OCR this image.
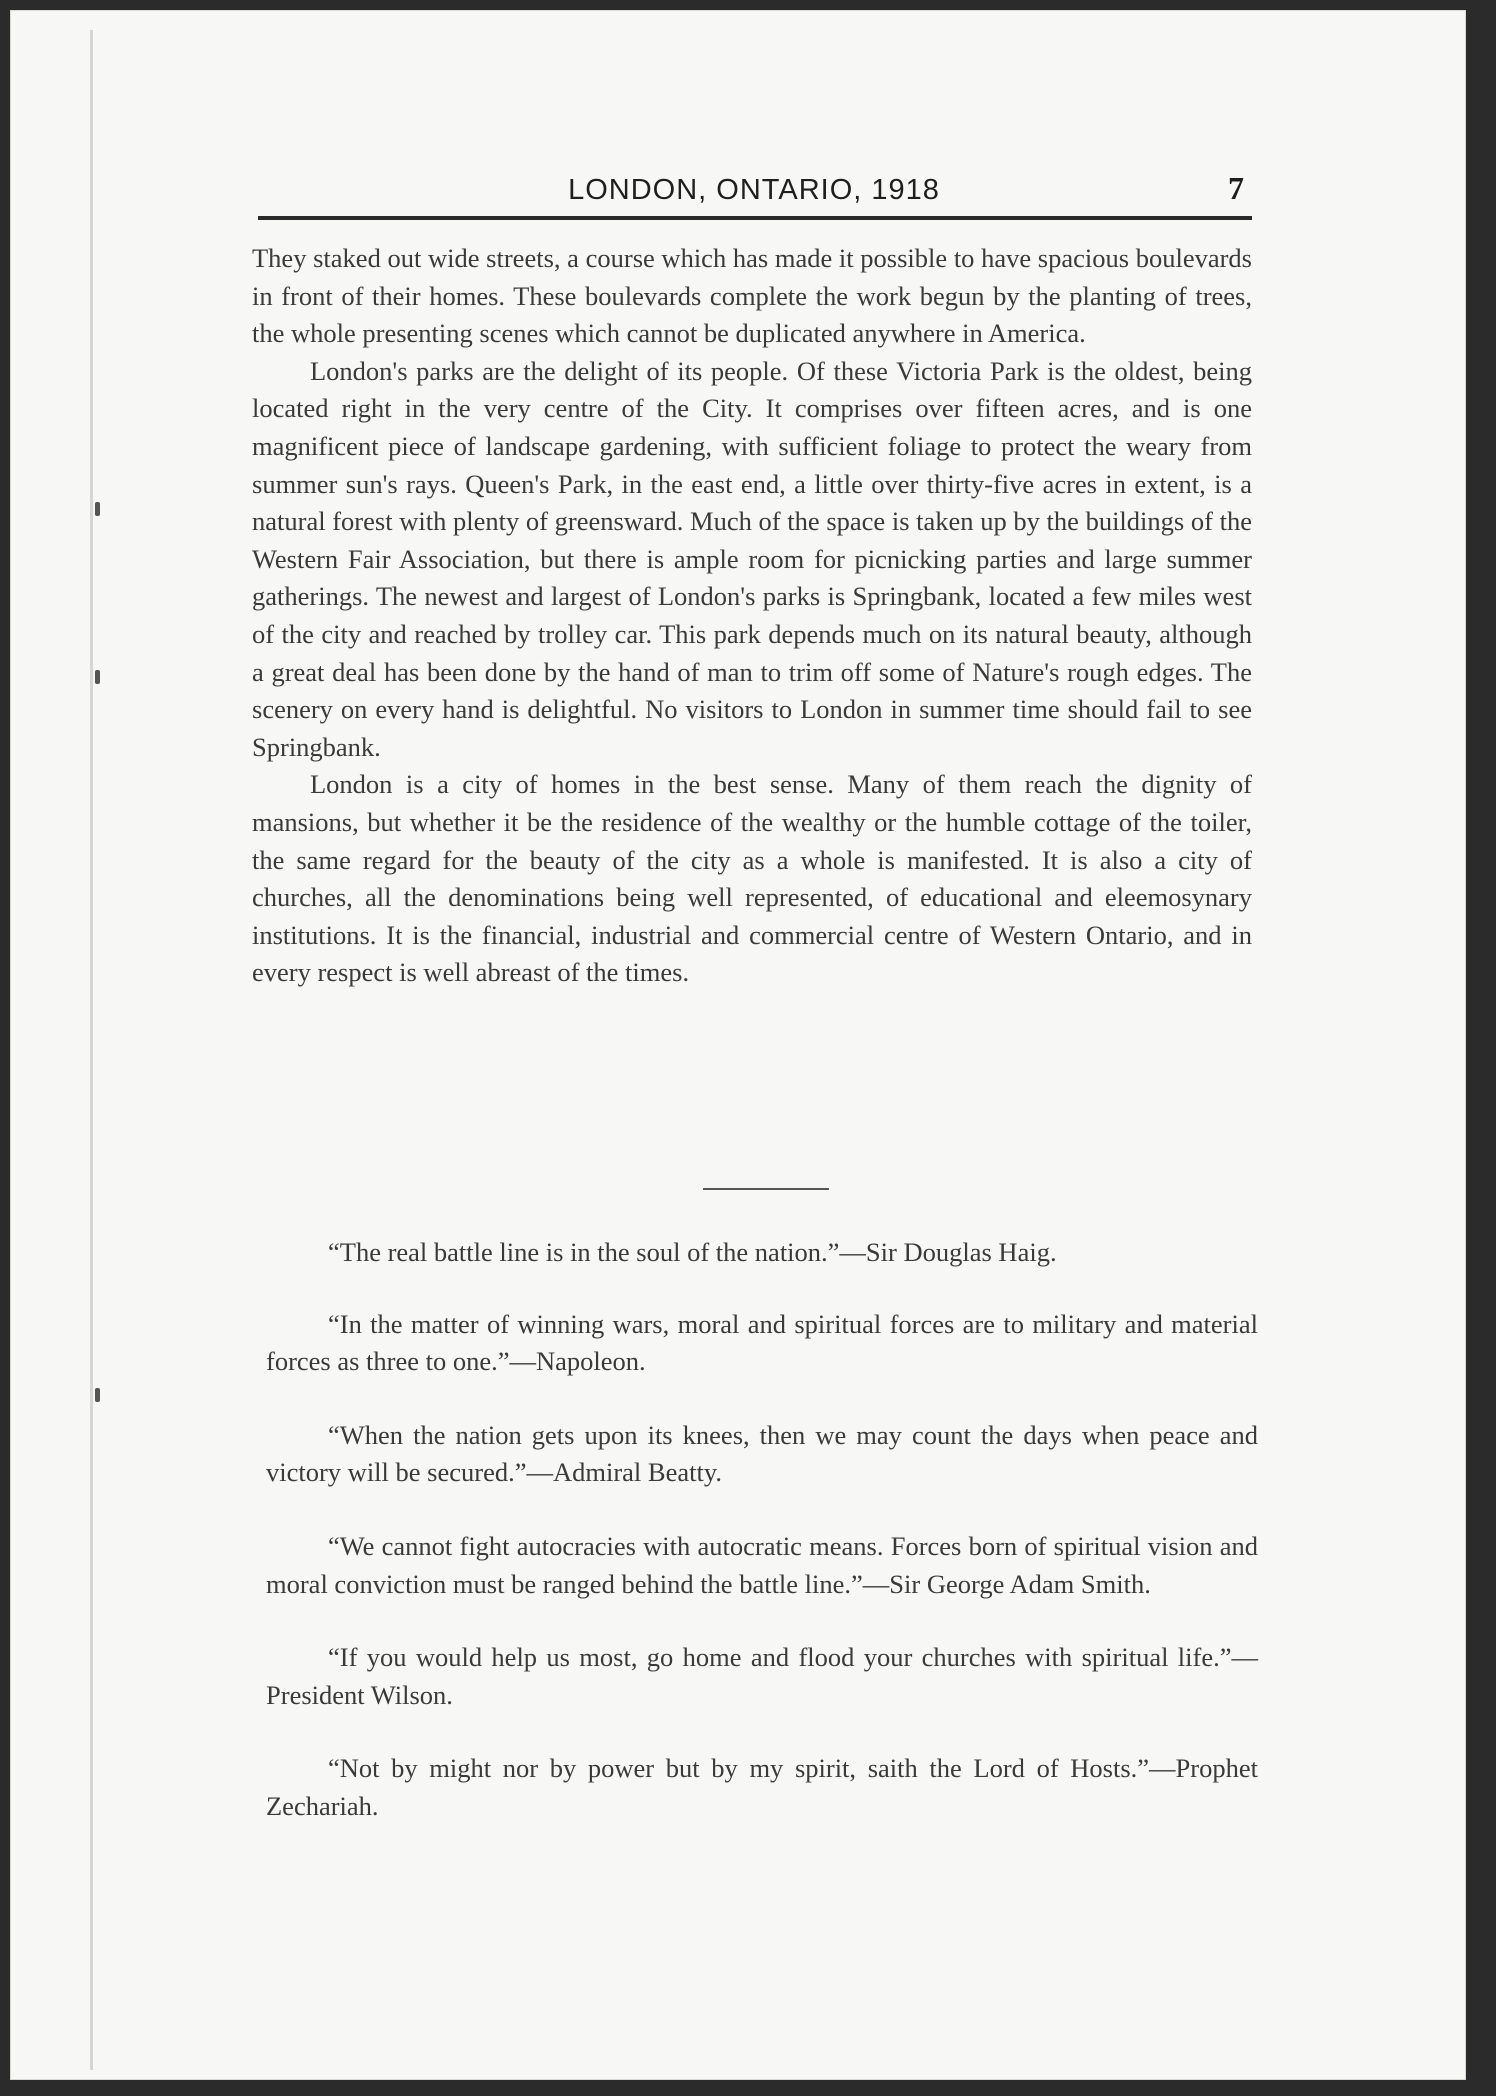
LONDON, ONTARIO, 1918	7

They staked out wide streets, a course which has made it possible to have spacious boulevards in front of their homes. These boulevards complete the work begun by the planting of trees, the whole presenting scenes which cannot be duplicated anywhere in America.

London's parks are the delight of its people. Of these Victoria Park is the oldest, being located right in the very centre of the City. It comprises over fifteen acres, and is one magnificent piece of landscape gardening, with sufficient foliage to protect the weary from summer sun's rays. Queen's Park, in the east end, a little over thirty-five acres in extent, is a natural forest with plenty of greensward. Much of the space is taken up by the buildings of the Western Fair Association, but there is ample room for picnicking parties and large summer gatherings. The newest and largest of London's parks is Springbank, located a few miles west of the city and reached by trolley car. This park depends much on its natural beauty, although a great deal has been done by the hand of man to trim off some of Nature's rough edges. The scenery on every hand is delightful. No visitors to London in summer time should fail to see Springbank.

London is a city of homes in the best sense. Many of them reach the dignity of mansions, but whether it be the residence of the wealthy or the humble cottage of the toiler, the same regard for the beauty of the city as a whole is manifested. It is also a city of churches, all the denominations being well represented, of educational and eleemosynary institutions. It is the financial, industrial and commercial centre of Western Ontario, and in every respect is well abreast of the times.

“The real battle line is in the soul of the nation.”—Sir Douglas Haig.

“In the matter of winning wars, moral and spiritual forces are to military and material forces as three to one.”—Napoleon.

“When the nation gets upon its knees, then we may count the days when peace and victory will be secured.”—Admiral Beatty.

“We cannot fight autocracies with autocratic means. Forces born of spiritual vision and moral conviction must be ranged behind the battle line.”—Sir George Adam Smith.

“If you would help us most, go home and flood your churches with spiritual life.”—President Wilson.

“Not by might nor by power but by my spirit, saith the Lord of Hosts.”—Prophet Zechariah.
